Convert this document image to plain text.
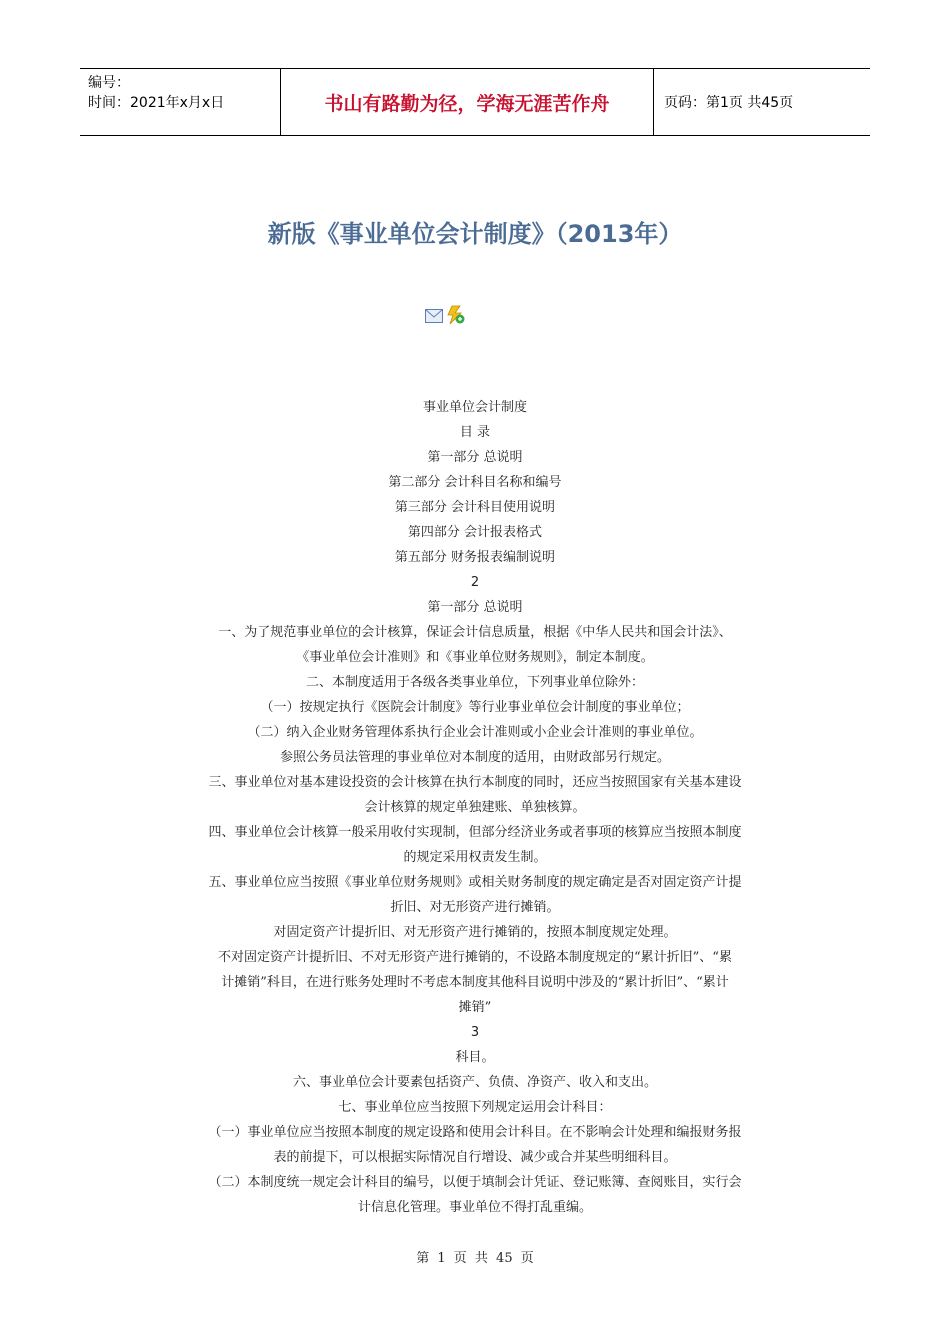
编号：
时间：2021年x月x日	书山有路勤为径，学海无涯苦作舟	页码：第1页 共45页
新版《事业单位会计制度》（2013年）

事业单位会计制度

目 录

第一部分 总说明

第二部分 会计科目名称和编号

第三部分 会计科目使用说明

第四部分 会计报表格式

第五部分 财务报表编制说明

2

第一部分 总说明

一、为了规范事业单位的会计核算，保证会计信息质量，根据《中华人民共和国会计法》、

《事业单位会计准则》和《事业单位财务规则》，制定本制度。

二、本制度适用于各级各类事业单位，下列事业单位除外：

（一）按规定执行《医院会计制度》等行业事业单位会计制度的事业单位；

（二）纳入企业财务管理体系执行企业会计准则或小企业会计准则的事业单位。

参照公务员法管理的事业单位对本制度的适用，由财政部另行规定。

三、事业单位对基本建设投资的会计核算在执行本制度的同时，还应当按照国家有关基本建设

会计核算的规定单独建账、单独核算。

四、事业单位会计核算一般采用收付实现制，但部分经济业务或者事项的核算应当按照本制度

的规定采用权责发生制。

五、事业单位应当按照《事业单位财务规则》或相关财务制度的规定确定是否对固定资产计提

折旧、对无形资产进行摊销。

对固定资产计提折旧、对无形资产进行摊销的，按照本制度规定处理。

不对固定资产计提折旧、不对无形资产进行摊销的，不设路本制度规定的“累计折旧”、“累

计摊销”科目，在进行账务处理时不考虑本制度其他科目说明中涉及的“累计折旧”、“累计

摊销”

3

科目。

六、事业单位会计要素包括资产、负债、净资产、收入和支出。

七、事业单位应当按照下列规定运用会计科目：

（一）事业单位应当按照本制度的规定设路和使用会计科目。在不影响会计处理和编报财务报

表的前提下，可以根据实际情况自行增设、减少或合并某些明细科目。

（二）本制度统一规定会计科目的编号，以便于填制会计凭证、登记账簿、查阅账目，实行会

计信息化管理。事业单位不得打乱重编。

第 1 页 共 45 页
